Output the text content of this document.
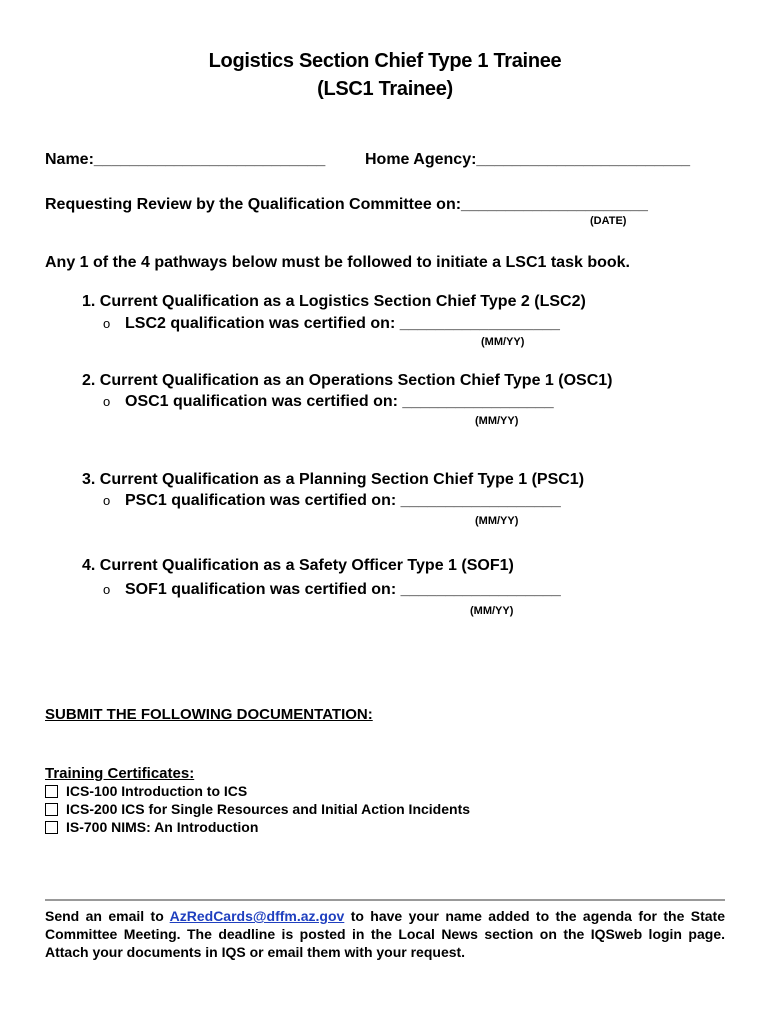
Logistics Section Chief Type 1 Trainee
(LSC1 Trainee)
Name:__________________________ Home Agency:________________________
Requesting Review by the Qualification Committee on:_____________________
(DATE)
Any 1 of the 4 pathways below must be followed to initiate a LSC1 task book.
1. Current Qualification as a Logistics Section Chief Type 2 (LSC2)
o LSC2 qualification was certified on: __________________
(MM/YY)
2. Current Qualification as an Operations Section Chief Type 1 (OSC1)
o OSC1 qualification was certified on: _________________
(MM/YY)
3. Current Qualification as a Planning Section Chief Type 1 (PSC1)
o PSC1 qualification was certified on: __________________
(MM/YY)
4. Current Qualification as a Safety Officer Type 1 (SOF1)
o SOF1 qualification was certified on: __________________
(MM/YY)
SUBMIT THE FOLLOWING DOCUMENTATION:
Training Certificates:
ICS-100 Introduction to ICS
ICS-200 ICS for Single Resources and Initial Action Incidents
IS-700 NIMS: An Introduction
Send an email to AzRedCards@dffm.az.gov to have your name added to the agenda for the State Committee Meeting. The deadline is posted in the Local News section on the IQSweb login page. Attach your documents in IQS or email them with your request.
